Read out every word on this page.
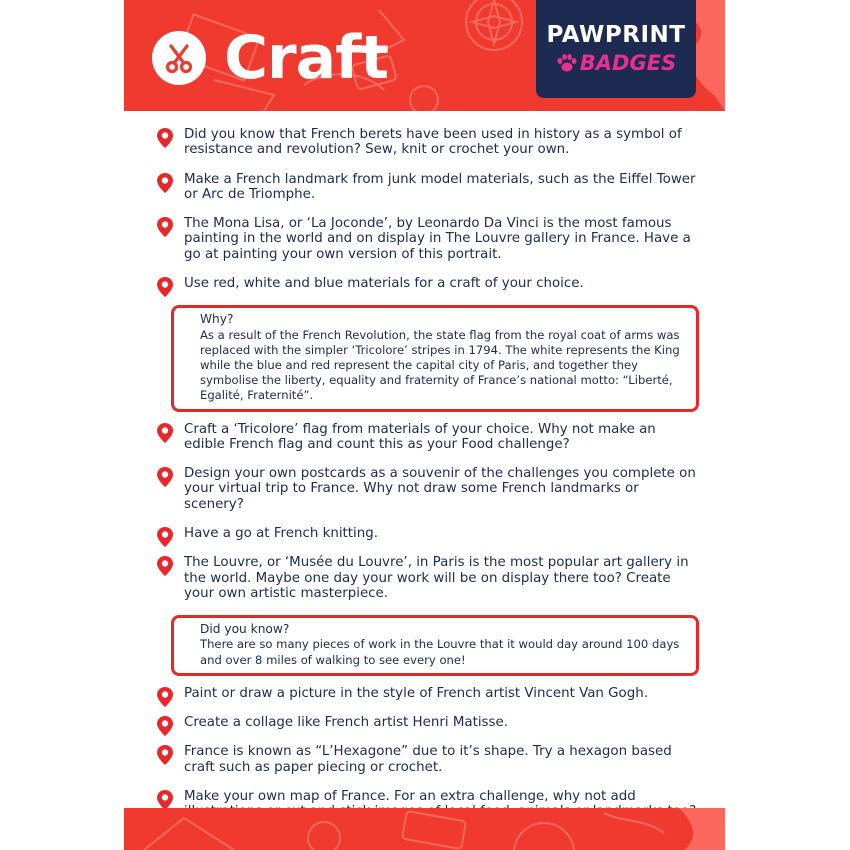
Craft	PAWPRINT
BADGES
Did you know that French berets have been used in history as a symbol of resistance and revolution? Sew, knit or crochet your own.
Make a French landmark from junk model materials, such as the Eiffel Tower or Arc de Triomphe.
The Mona Lisa, or ‘La Joconde’, by Leonardo Da Vinci is the most famous painting in the world and on display in The Louvre gallery in France. Have a go at painting your own version of this portrait.
Use red, white and blue materials for a craft of your choice.
Why?
As a result of the French Revolution, the state flag from the royal coat of arms was replaced with the simpler ‘Tricolore’ stripes in 1794. The white represents the King while the blue and red represent the capital city of Paris, and together they symbolise the liberty, equality and fraternity of France’s national motto: “Liberté, Egalité, Fraternité”.
Craft a ‘Tricolore’ flag from materials of your choice. Why not make an edible French flag and count this as your Food challenge?
Design your own postcards as a souvenir of the challenges you complete on your virtual trip to France. Why not draw some French landmarks or scenery?
Have a go at French knitting.
The Louvre, or ‘Musée du Louvre’, in Paris is the most popular art gallery in the world. Maybe one day your work will be on display there too? Create your own artistic masterpiece.
Did you know?
There are so many pieces of work in the Louvre that it would day around 100 days and over 8 miles of walking to see every one!
Paint or draw a picture in the style of French artist Vincent Van Gogh.
Create a collage like French artist Henri Matisse.
France is known as “L’Hexagone” due to it’s shape. Try a hexagon based craft such as paper piecing or crochet.
Make your own map of France. For an extra challenge, why not add
